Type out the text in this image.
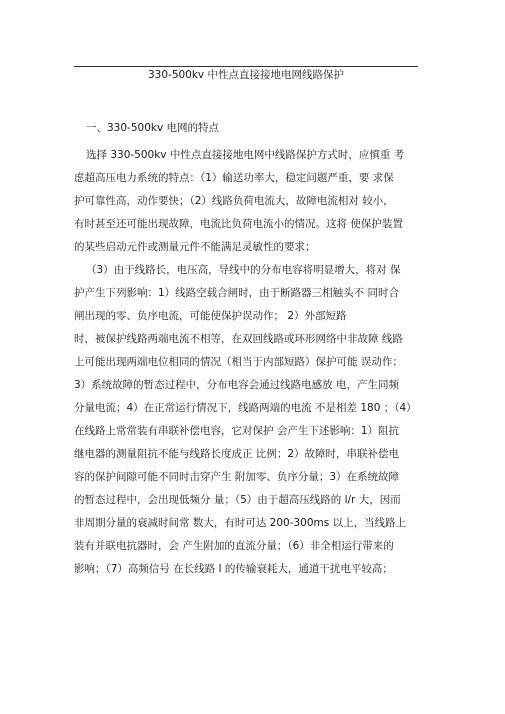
330-500kv 中性点直接接地电网线路保护
一、330-500kv 电网的特点
选择 330-500kv 中性点直接接地电网中线路保护方式时，应慎重 考
虑超高压电力系统的特点：（1）输送功率大，稳定问题严重，要 求保
护可靠性高，动作要快；（2）线路负荷电流大，故障电流相对 较小，
有时甚至还可能出现故障，电流比负荷电流小的情况。这将 使保护装置
的某些启动元件或测量元件不能满足灵敏性的要求；
（3）由于线路长，电压高，导线中的分布电容将明显增大，将对 保
护产生下列影响：1）线路空载合闸时，由于断路器三相触头不 同时合
闸出现的零、负序电流，可能使保护误动作； 2）外部短路
时，被保护线路两端电流不相等，在双回线路或环形网络中非故障 线路
上可能出现两端电位相同的情况（相当于内部短路）保护可能 误动作；
3）系统故障的暂态过程中，分布电容会通过线路电感放 电，产生同频
分量电流；4）在正常运行情况下，线路两端的电流 不是相差 180 ；（4）
在线路上常常装有串联补偿电容，它对保护 会产生下述影响：1）阻抗
继电器的测量阻抗不能与线路长度成正 比例；2）故障时，串联补偿电
容的保护间隙可能不同时击穿产生 附加零、负序分量；3）在系统故障
的暂态过程中，会出现低频分 量；（5）由于超高压线路的 l/r 大，因而
非周期分量的衰减时间常 数大，有时可达 200-300ms 以上，当线路上
装有并联电抗器时，会 产生附加的直流分量；（6）非全相运行带来的
影响；（7）高频信号 在长线路 l 的传输衰耗大，通道干扰电平较高；
